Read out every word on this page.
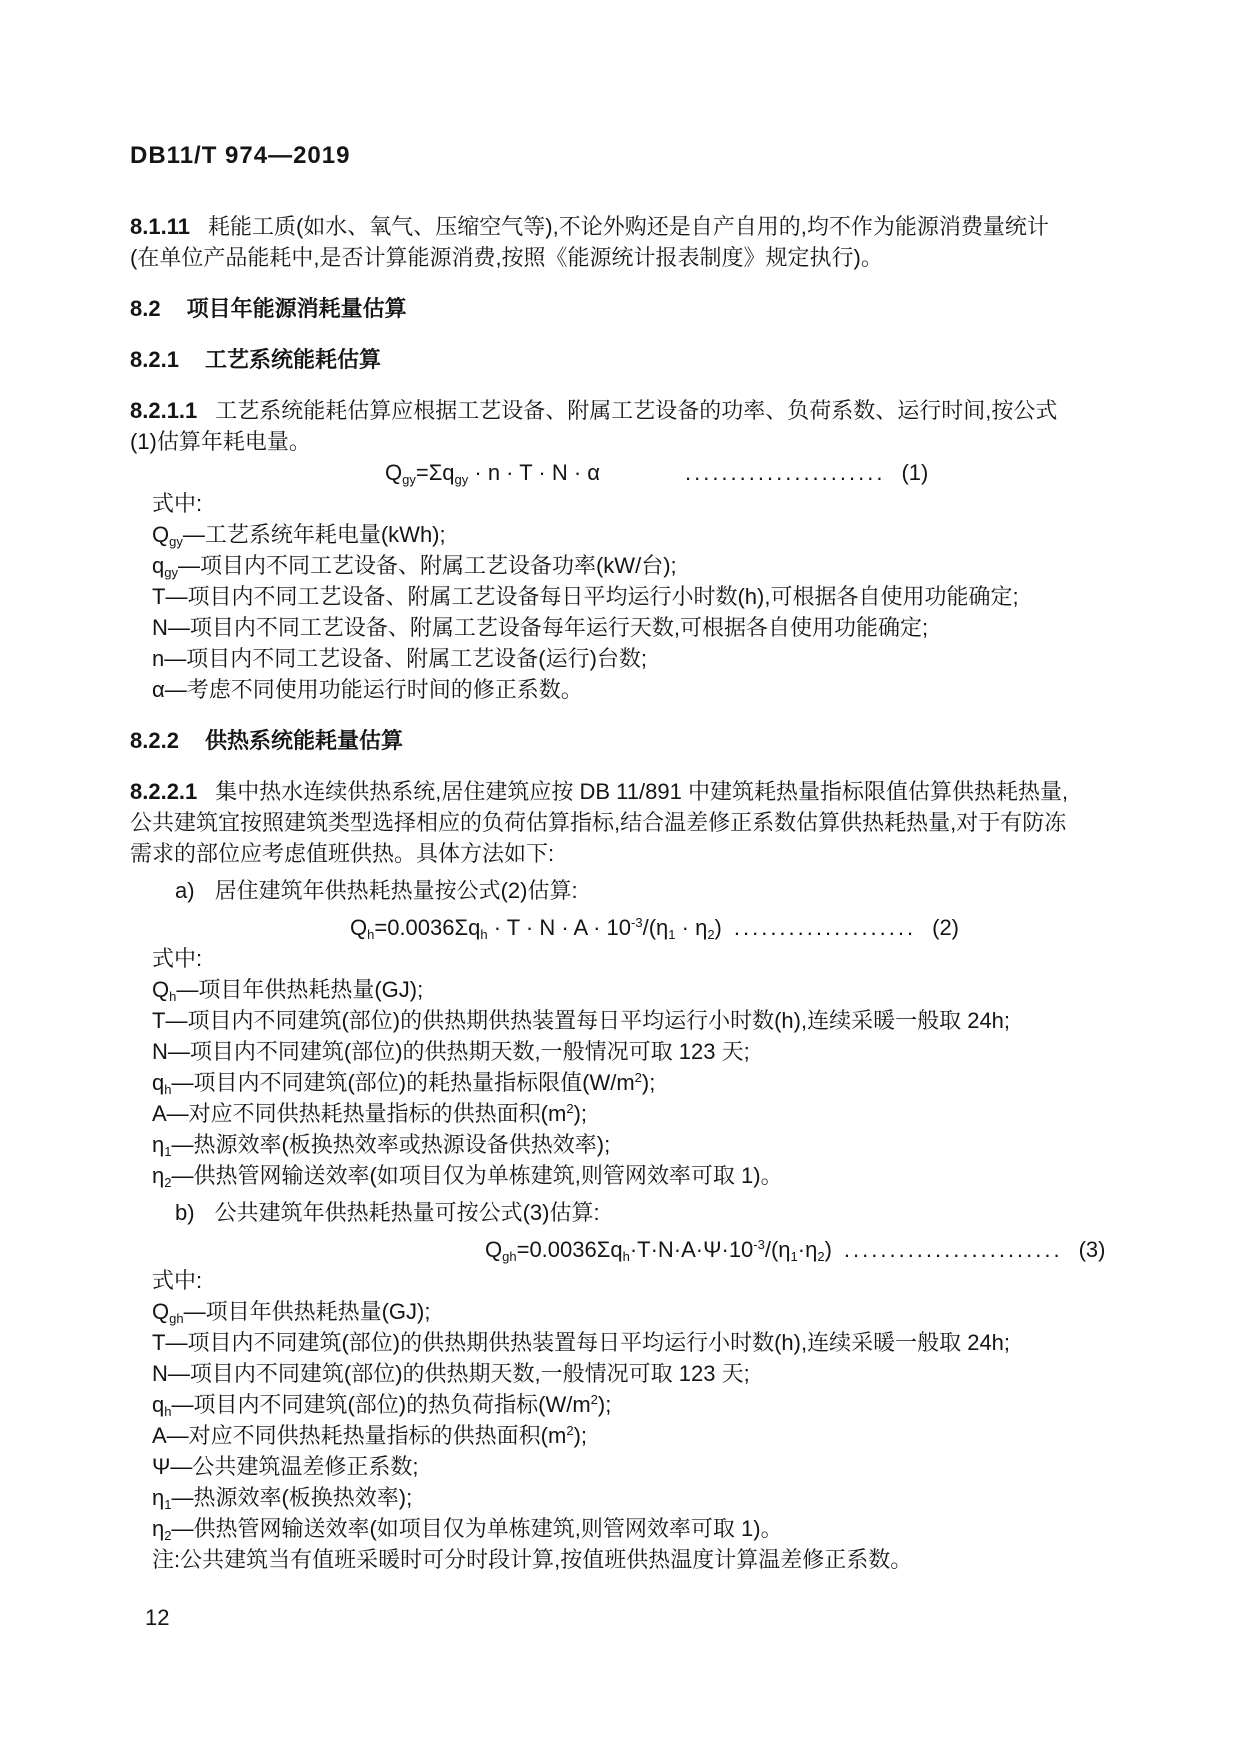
DB11/T 974—2019
8.1.11 耗能工质(如水、氧气、压缩空气等),不论外购还是自产自用的,均不作为能源消费量统计
(在单位产品能耗中,是否计算能源消费,按照《能源统计报表制度》规定执行)。
8.2 项目年能源消耗量估算
8.2.1 工艺系统能耗估算
8.2.1.1 工艺系统能耗估算应根据工艺设备、附属工艺设备的功率、负荷系数、运行时间,按公式
(1)估算年耗电量。
$Q_{gy}=\Sigma q_{gy} \cdot n \cdot T \cdot N \cdot \alpha$	...................... (1)
式中:
$Q_{gy}—$工艺系统年耗电量(kWh);
$q_{gy}—$项目内不同工艺设备、附属工艺设备功率(kW/台);
T—项目内不同工艺设备、附属工艺设备每日平均运行小时数(h),可根据各自使用功能确定;
N—项目内不同工艺设备、附属工艺设备每年运行天数,可根据各自使用功能确定;
n—项目内不同工艺设备、附属工艺设备(运行)台数;
α—考虑不同使用功能运行时间的修正系数。
8.2.2 供热系统能耗量估算
8.2.2.1 集中热水连续供热系统,居住建筑应按 DB 11/891 中建筑耗热量指标限值估算供热耗热量,
公共建筑宜按照建筑类型选择相应的负荷估算指标,结合温差修正系数估算供热耗热量,对于有防冻
需求的部位应考虑值班供热。具体方法如下:
a) 居住建筑年供热耗热量按公式(2)估算:
$Q_h=0.0036\Sigma q_h \cdot T \cdot N \cdot A \cdot 10^{-3}/(\eta_1 \cdot \eta_2)$ .................... (2)
式中:
$Q_h—$项目年供热耗热量(GJ);
T—项目内不同建筑(部位)的供热期供热装置每日平均运行小时数(h),连续采暖一般取 24h;
N—项目内不同建筑(部位)的供热期天数,一般情况可取 123 天;
$q_h—$项目内不同建筑(部位)的耗热量指标限值$(W/m^2)$;
A—对应不同供热耗热量指标的供热面积$(m^2)$;
$\eta_1—$热源效率(板换热效率或热源设备供热效率);
$\eta_2—$供热管网输送效率(如项目仅为单栋建筑,则管网效率可取 1)。
b) 公共建筑年供热耗热量可按公式(3)估算:
$Q_{gh}=0.0036\Sigma q_h\cdot T\cdot N\cdot A\cdot\Psi\cdot 10^{-3}/(\eta_1\cdot\eta_2)$ ........................ (3)
式中:
$Q_{gh}—$项目年供热耗热量(GJ);
T—项目内不同建筑(部位)的供热期供热装置每日平均运行小时数(h),连续采暖一般取 24h;
N—项目内不同建筑(部位)的供热期天数,一般情况可取 123 天;
$q_h—$项目内不同建筑(部位)的热负荷指标$(W/m^2)$;
A—对应不同供热耗热量指标的供热面积$(m^2)$;
Ψ—公共建筑温差修正系数;
$\eta_1—$热源效率(板换热效率);
$\eta_2—$供热管网输送效率(如项目仅为单栋建筑,则管网效率可取 1)。
注:公共建筑当有值班采暖时可分时段计算,按值班供热温度计算温差修正系数。
12
